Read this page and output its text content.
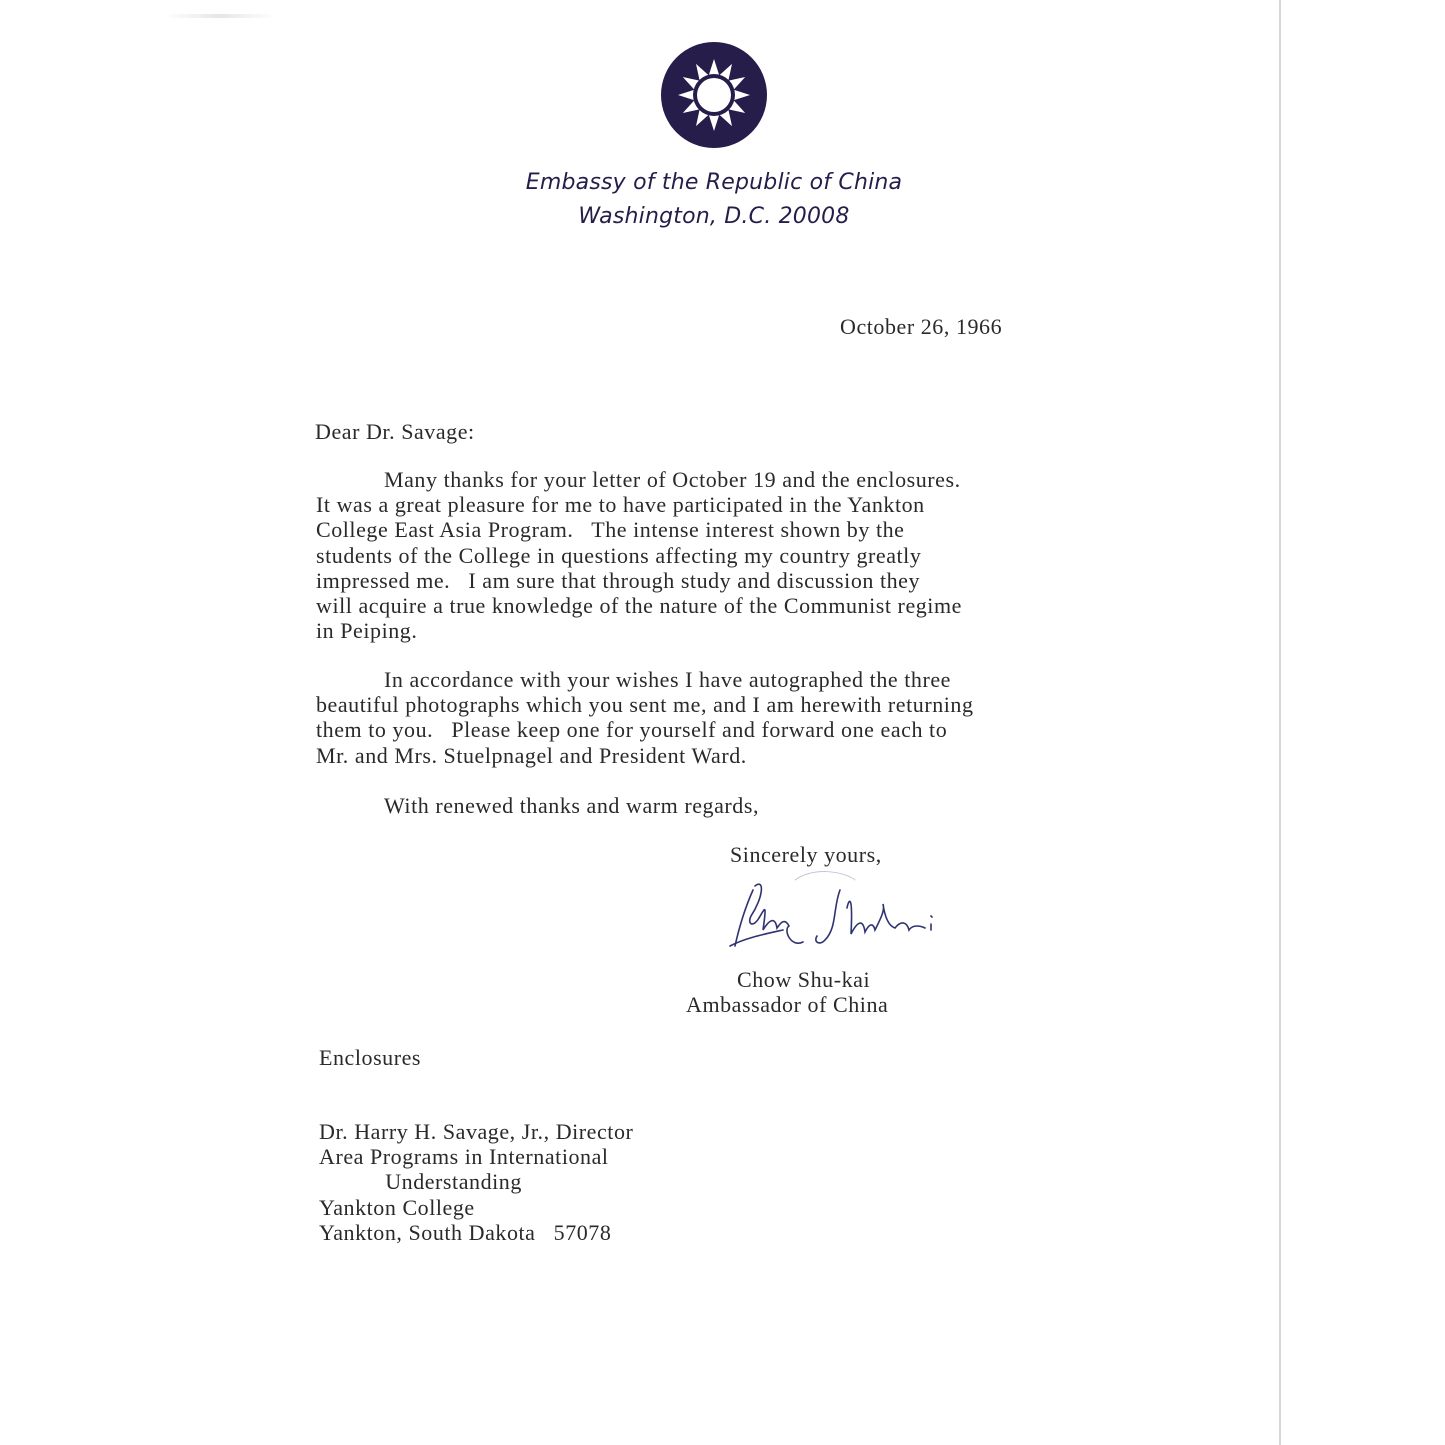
Embassy of the Republic of China
Washington, D.C. 20008
October 26, 1966
Dear Dr. Savage:
Many thanks for your letter of October 19 and the enclosures.
It was a great pleasure for me to have participated in the Yankton
College East Asia Program.   The intense interest shown by the
students of the College in questions affecting my country greatly
impressed me.   I am sure that through study and discussion they
will acquire a true knowledge of the nature of the Communist regime
in Peiping.
In accordance with your wishes I have autographed the three
beautiful photographs which you sent me, and I am herewith returning
them to you.   Please keep one for yourself and forward one each to
Mr. and Mrs. Stuelpnagel and President Ward.
With renewed thanks and warm regards,
Sincerely yours,
Chow Shu-kai
Ambassador of China
Enclosures
Dr. Harry H. Savage, Jr., Director
Area Programs in International
Understanding
Yankton College
Yankton, South Dakota   57078
